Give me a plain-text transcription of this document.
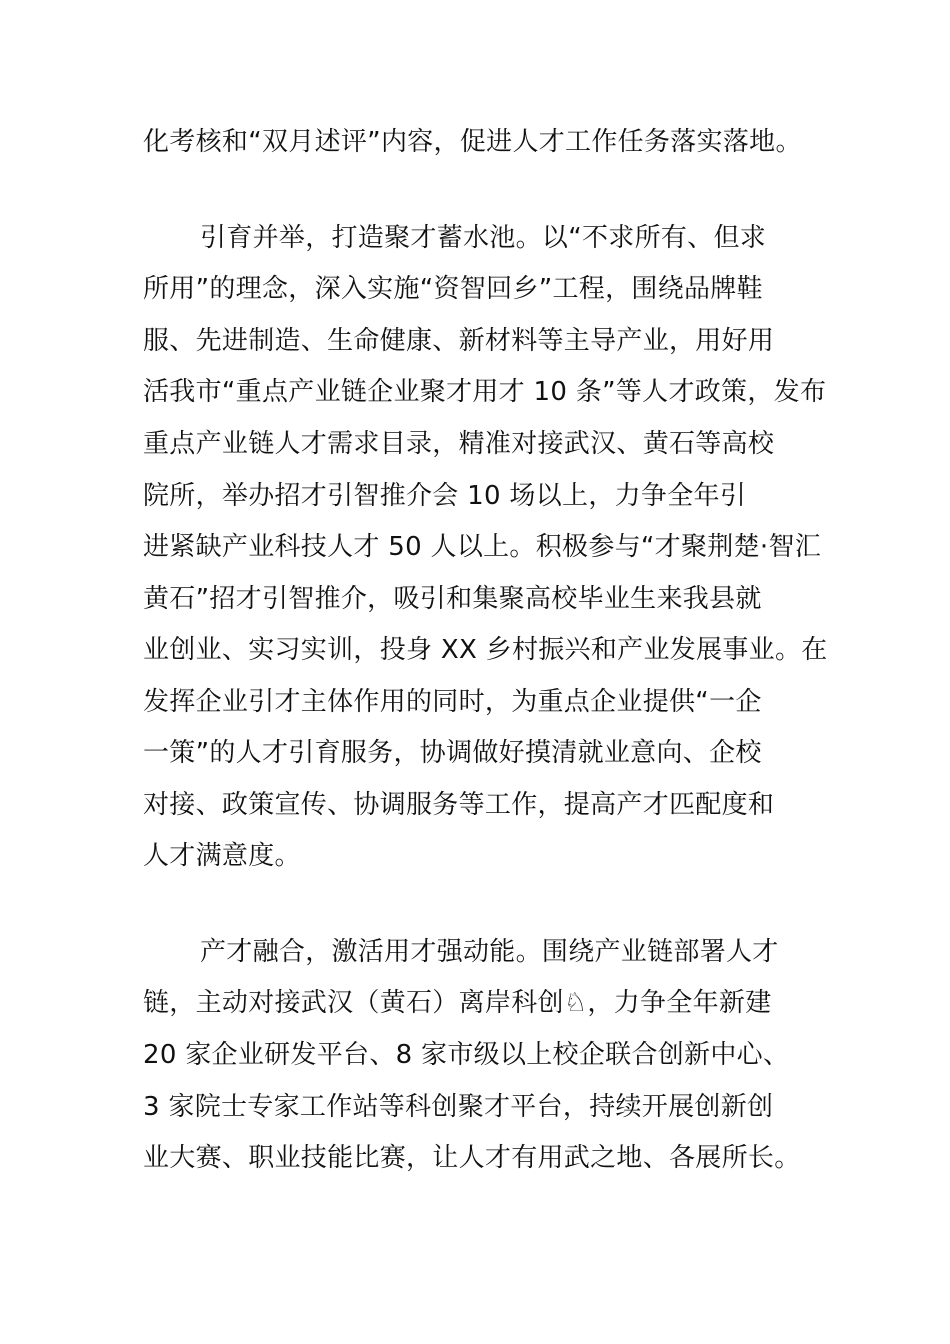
化考核和“双月述评”内容，促进人才工作任务落实落地。
引育并举，打造聚才蓄水池。以“不求所有、但求
所用”的理念，深入实施“资智回乡”工程，围绕品牌鞋
服、先进制造、生命健康、新材料等主导产业，用好用
活我市“重点产业链企业聚才用才 10 条”等人才政策，发布
重点产业链人才需求目录，精准对接武汉、黄石等高校
院所，举办招才引智推介会 10 场以上，力争全年引
进紧缺产业科技人才 50 人以上。积极参与“才聚荆楚·智汇
黄石”招才引智推介，吸引和集聚高校毕业生来我县就
业创业、实习实训，投身 XX 乡村振兴和产业发展事业。在
发挥企业引才主体作用的同时，为重点企业提供“一企
一策”的人才引育服务，协调做好摸清就业意向、企校
对接、政策宣传、协调服务等工作，提高产才匹配度和
人才满意度。
产才融合，激活用才强动能。围绕产业链部署人才
链，主动对接武汉（黄石）离岸科创♘，力争全年新建
20 家企业研发平台、8 家市级以上校企联合创新中心、
3 家院士专家工作站等科创聚才平台，持续开展创新创
业大赛、职业技能比赛，让人才有用武之地、各展所长。
